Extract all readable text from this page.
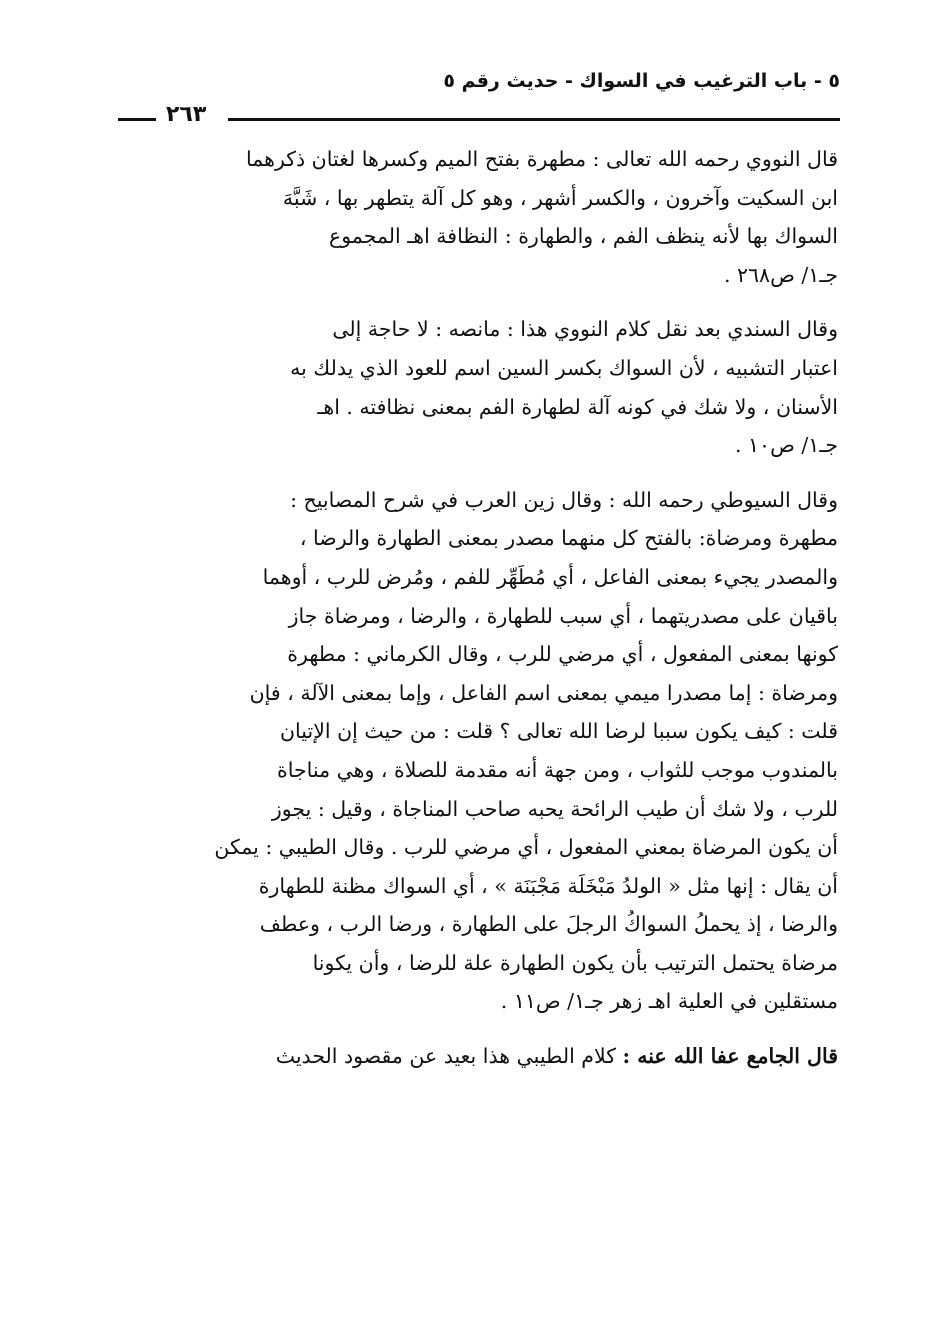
٥ - باب الترغيب في السواك - حديث رقم ٥
٢٦٣

قال النووي رحمه الله تعالى : مطهرة بفتح الميم وكسرها لغتان ذكرهما
ابن السكيت وآخرون ، والكسر أشهر ، وهو كل آلة يتطهر بها ، شَبَّهَ
السواك بها لأنه ينظف الفم ، والطهارة : النظافة اهـ المجموع
جـ١/ ص٢٦٨ .

وقال السندي بعد نقل كلام النووي هذا : مانصه : لا حاجة إلى
اعتبار التشبيه ، لأن السواك بكسر السين اسم للعود الذي يدلك به
الأسنان ، ولا شك في كونه آلة لطهارة الفم بمعنى نظافته . اهـ
جـ١/ ص١٠ .

وقال السيوطي رحمه الله : وقال زين العرب في شرح المصابيح :
مطهرة ومرضاة: بالفتح كل منهما مصدر بمعنى الطهارة والرضا ،
والمصدر يجيء بمعنى الفاعل ، أي مُطَهِّر للفم ، ومُرض للرب ، أوهما
باقيان على مصدريتهما ، أي سبب للطهارة ، والرضا ، ومرضاة جاز
كونها بمعنى المفعول ، أي مرضي للرب ، وقال الكرماني : مطهرة
ومرضاة : إما مصدرا ميمي بمعنى اسم الفاعل ، وإما بمعنى الآلة ، فإن
قلت : كيف يكون سببا لرضا الله تعالى ؟ قلت : من حيث إن الإتيان
بالمندوب موجب للثواب ، ومن جهة أنه مقدمة للصلاة ، وهي مناجاة
للرب ، ولا شك أن طيب الرائحة يحبه صاحب المناجاة ، وقيل : يجوز
أن يكون المرضاة بمعني المفعول ، أي مرضي للرب . وقال الطيبي : يمكن
أن يقال : إنها مثل « الولدُ مَبْخَلَة مَجْبَنَة » ، أي السواك مظنة للطهارة
والرضا ، إذ يحملُ السواكُ الرجلَ على الطهارة ، ورضا الرب ، وعطف
مرضاة يحتمل الترتيب بأن يكون الطهارة علة للرضا ، وأن يكونا
مستقلين في العلية اهـ زهر جـ١/ ص١١ .

قال الجامع عفا الله عنه : كلام الطيبي هذا بعيد عن مقصود الحديث
